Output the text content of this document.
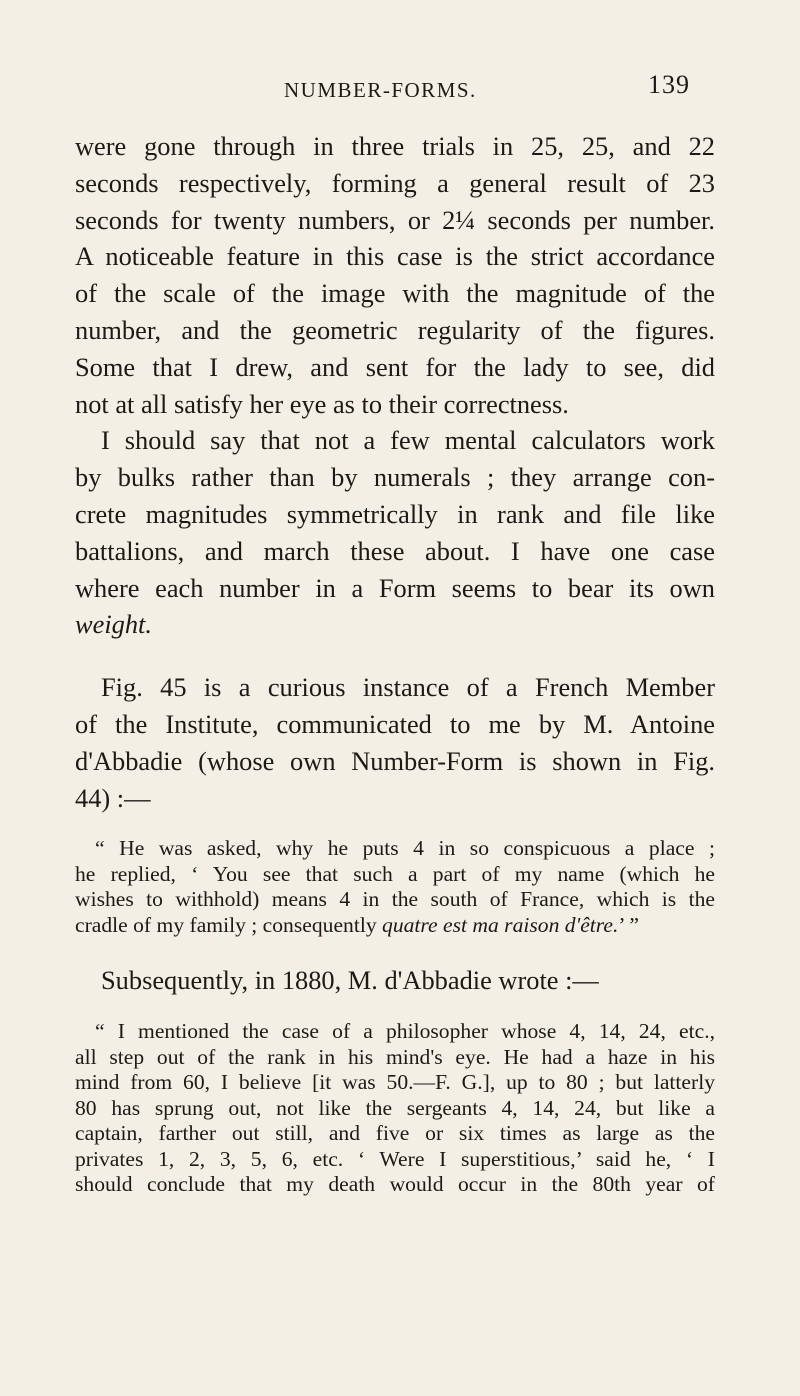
NUMBER-FORMS.	139
were gone through in three trials in 25, 25, and 22
seconds respectively, forming a general result of 23
seconds for twenty numbers, or 2¼ seconds per number.
A noticeable feature in this case is the strict accordance
of the scale of the image with the magnitude of the
number, and the geometric regularity of the figures.
Some that I drew, and sent for the lady to see, did
not at all satisfy her eye as to their correctness.
I should say that not a few mental calculators work
by bulks rather than by numerals ; they arrange con-
crete magnitudes symmetrically in rank and file like
battalions, and march these about. I have one case
where each number in a Form seems to bear its own
weight.
Fig. 45 is a curious instance of a French Member
of the Institute, communicated to me by M. Antoine
d'Abbadie (whose own Number-Form is shown in Fig.
44) :—
“ He was asked, why he puts 4 in so conspicuous a place ;
he replied, ‘ You see that such a part of my name (which he
wishes to withhold) means 4 in the south of France, which is the
cradle of my family ; consequently quatre est ma raison d'être.’ ”
Subsequently, in 1880, M. d'Abbadie wrote :—
“ I mentioned the case of a philosopher whose 4, 14, 24, etc.,
all step out of the rank in his mind's eye. He had a haze in his
mind from 60, I believe [it was 50.—F. G.], up to 80 ; but latterly
80 has sprung out, not like the sergeants 4, 14, 24, but like a
captain, farther out still, and five or six times as large as the
privates 1, 2, 3, 5, 6, etc. ‘ Were I superstitious,’ said he, ‘ I
should conclude that my death would occur in the 80th year of
